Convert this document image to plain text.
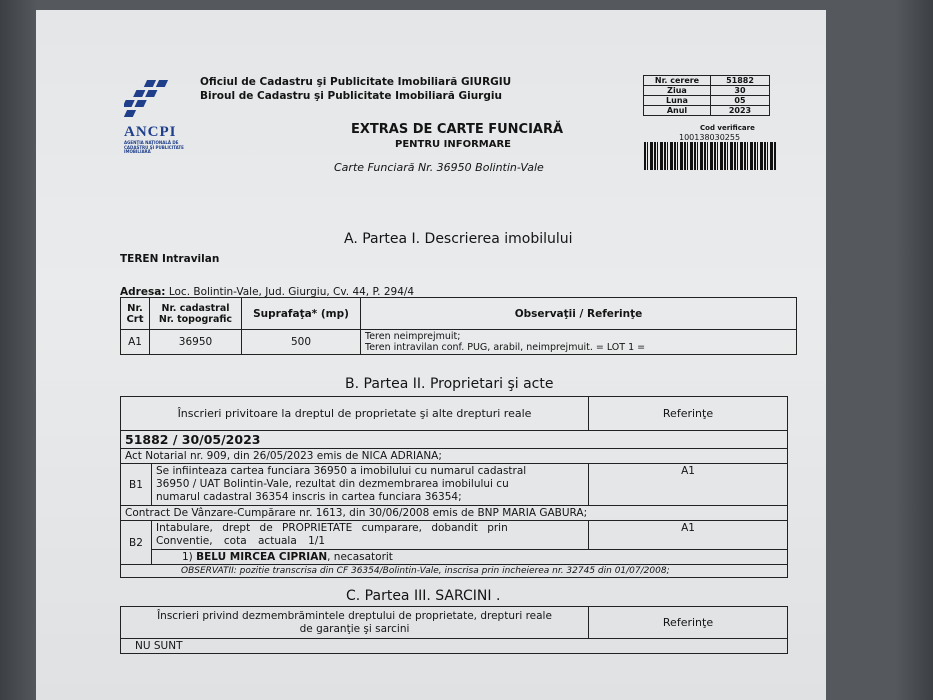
ANCPI
AGENŢIA NAŢIONALĂ DE CADASTRU ŞI PUBLICITATE IMOBILIARĂ
Oficiul de Cadastru şi Publicitate Imobiliară GIURGIU
Biroul de Cadastru şi Publicitate Imobiliară Giurgiu
EXTRAS DE CARTE FUNCIARĂ
PENTRU INFORMARE
Carte Funciară Nr. 36950 Bolintin-Vale
Nr. cerere	51882
Ziua	30
Luna	05
Anul	2023
Cod verificare
100138030255
A. Partea I. Descrierea imobilului
TEREN Intravilan
Adresa: Loc. Bolintin-Vale, Jud. Giurgiu, Cv. 44, P. 294/4
Nr. Crt	Nr. cadastral Nr. topografic	Suprafaţa* (mp)	Observaţii / Referinţe
A1	36950	500	Teren neimprejmuit;
Teren intravilan conf. PUG, arabil, neimprejmuit. = LOT 1 =
B. Partea II. Proprietari şi acte
Înscrieri privitoare la dreptul de proprietate şi alte drepturi reale		Referinţe
51882 / 30/05/2023		
Act Notarial nr. 909, din 26/05/2023 emis de NICA ADRIANA;		
B1	Se infiinteaza cartea funciara 36950 a imobilului cu numarul cadastral
36950 / UAT Bolintin-Vale, rezultat din dezmembrarea imobilului cu
numarul cadastral 36354 inscris in cartea funciara 36354;	A1
Contract De Vânzare-Cumpărare nr. 1613, din 30/06/2008 emis de BNP MARIA GABURA;		
B2	Intabulare, drept de PROPRIETATE cumparare, dobandit prin
Conventie, cota actuala 1/1	A1
	1) BELU MIRCEA CIPRIAN, necasatorit	
OBSERVATII: pozitie transcrisa din CF 36354/Bolintin-Vale, inscrisa prin incheierea nr. 32745 din 01/07/2008;		
C. Partea III. SARCINI .
Înscrieri privind dezmembrămintele dreptului de proprietate, drepturi reale
de garanţie şi sarcini	Referinţe
NU SUNT
